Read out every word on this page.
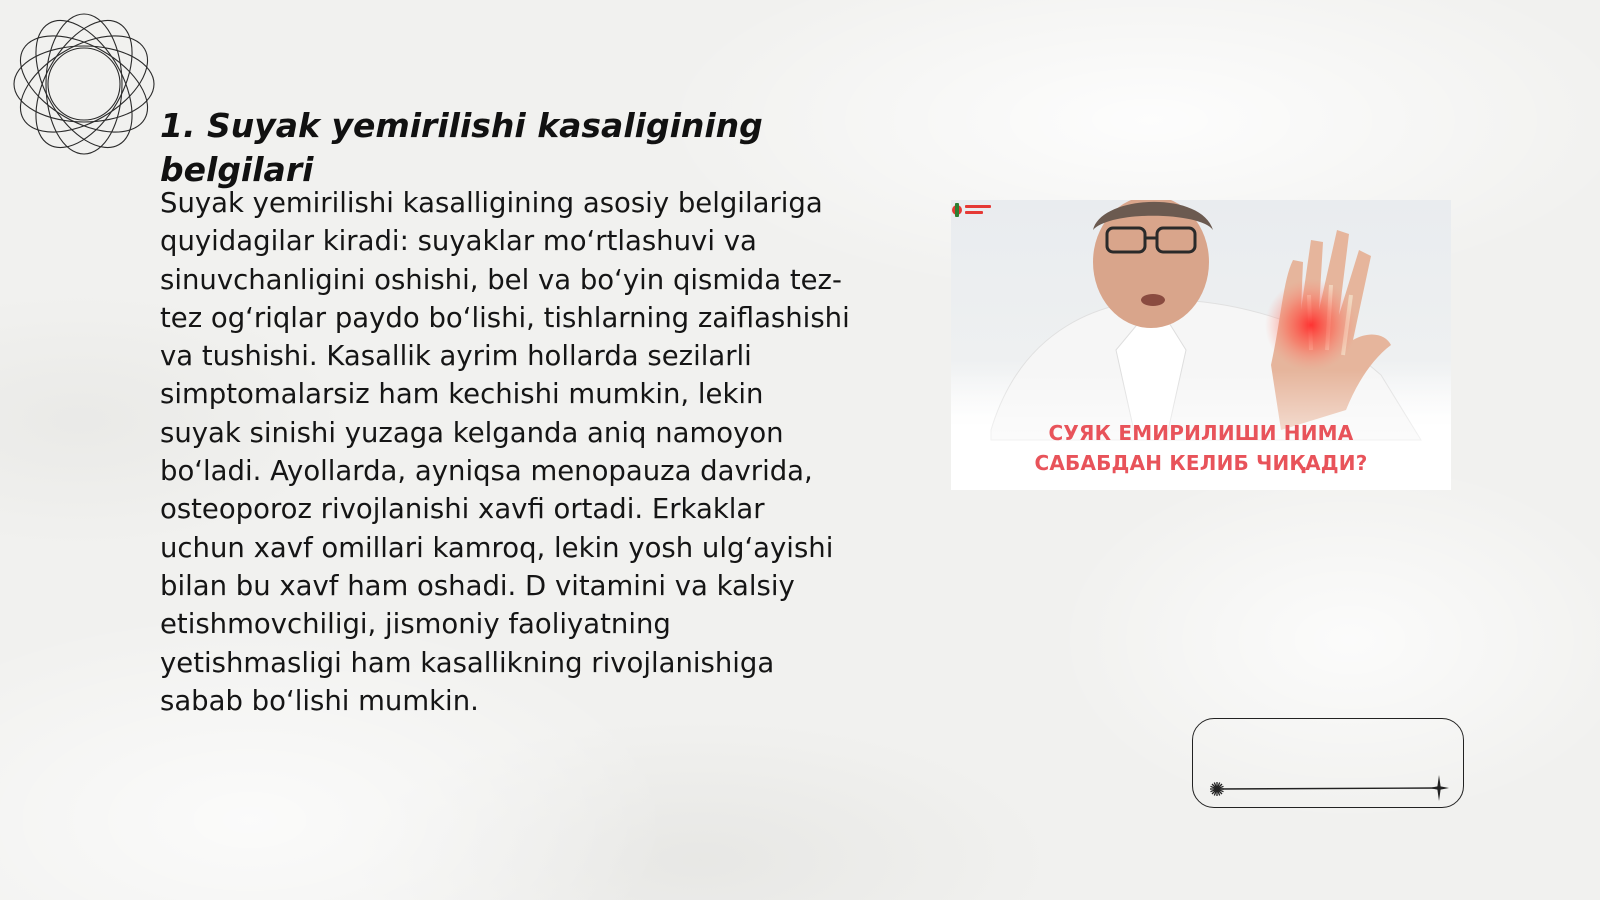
1. Suyak yemirilishi kasaligining belgilari

Suyak yemirilishi kasalligining asosiy belgilariga quyidagilar kiradi: suyaklar mo‘rtlashuvi va sinuvchanligini oshishi, bel va bo‘yin qismida tez-tez og‘riqlar paydo bo‘lishi, tishlarning zaiflashishi va tushishi. Kasallik ayrim hollarda sezilarli simptomalarsiz ham kechishi mumkin, lekin suyak sinishi yuzaga kelganda aniq namoyon bo‘ladi. Ayollarda, ayniqsa menopauza davrida, osteoporoz rivojlanishi xavfi ortadi. Erkaklar uchun xavf omillari kamroq, lekin yosh ulg‘ayishi bilan bu xavf ham oshadi. D vitamini va kalsiy etishmovchiligi, jismoniy faoliyatning yetishmasligi ham kasallikning rivojlanishiga sabab bo‘lishi mumkin.

СУЯК ЕМИРИЛИШИ НИМА
САБАБДАН КЕЛИБ ЧИҚАДИ?
